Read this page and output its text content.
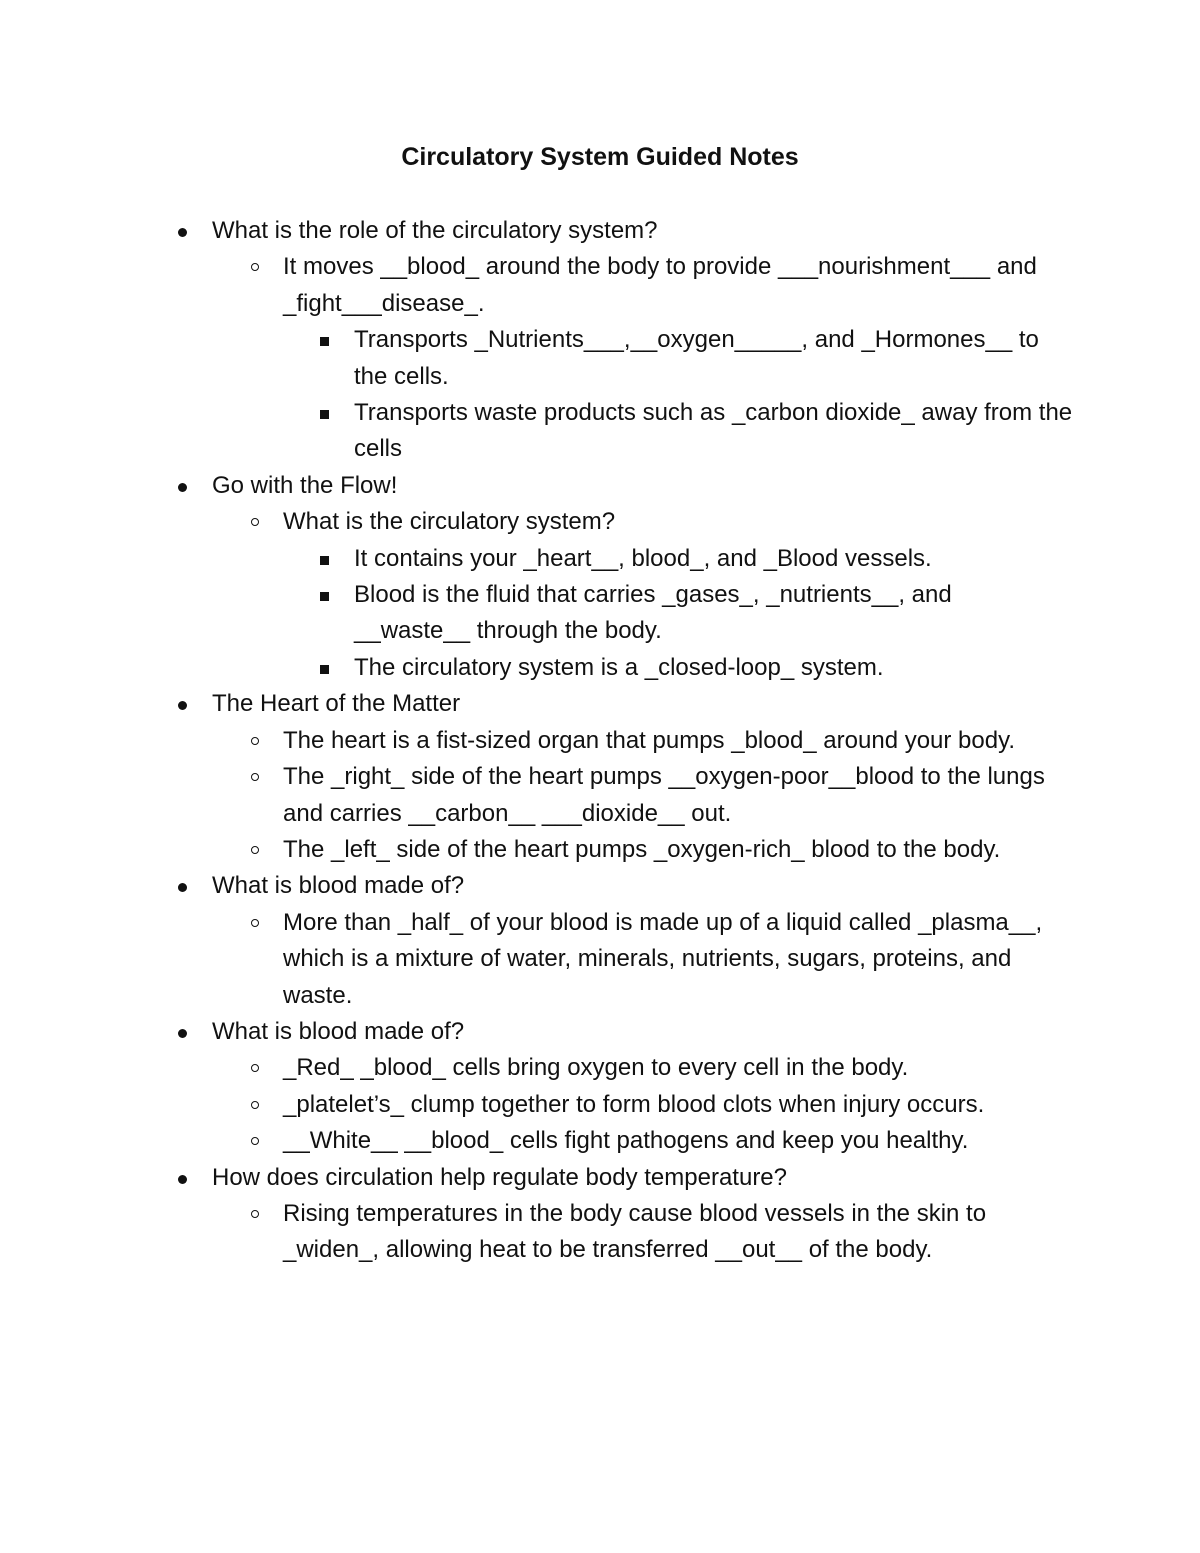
Circulatory System Guided Notes
What is the role of the circulatory system?
It moves __blood_ around the body to provide ___nourishment___ and _fight___disease_.
Transports _Nutrients___,__oxygen_____, and _Hormones__ to the cells.
Transports waste products such as _carbon dioxide_ away from the cells
Go with the Flow!
What is the circulatory system?
It contains your _heart__, blood_, and _Blood vessels.
Blood is the fluid that carries _gases_, _nutrients__, and __waste__ through the body.
The circulatory system is a _closed-loop_ system.
The Heart of the Matter
The heart is a fist-sized organ that pumps _blood_ around your body.
The _right_ side of the heart pumps __oxygen-poor__blood to the lungs and carries __carbon__ ___dioxide__ out.
The _left_ side of the heart pumps _oxygen-rich_ blood to the body.
What is blood made of?
More than _half_ of your blood is made up of a liquid called _plasma__, which is a mixture of water, minerals, nutrients, sugars, proteins, and waste.
What is blood made of?
_Red_ _blood_ cells bring oxygen to every cell in the body.
_platelet’s_ clump together to form blood clots when injury occurs.
__White__ __blood_ cells fight pathogens and keep you healthy.
How does circulation help regulate body temperature?
Rising temperatures in the body cause blood vessels in the skin to _widen_, allowing heat to be transferred __out__ of the body.
